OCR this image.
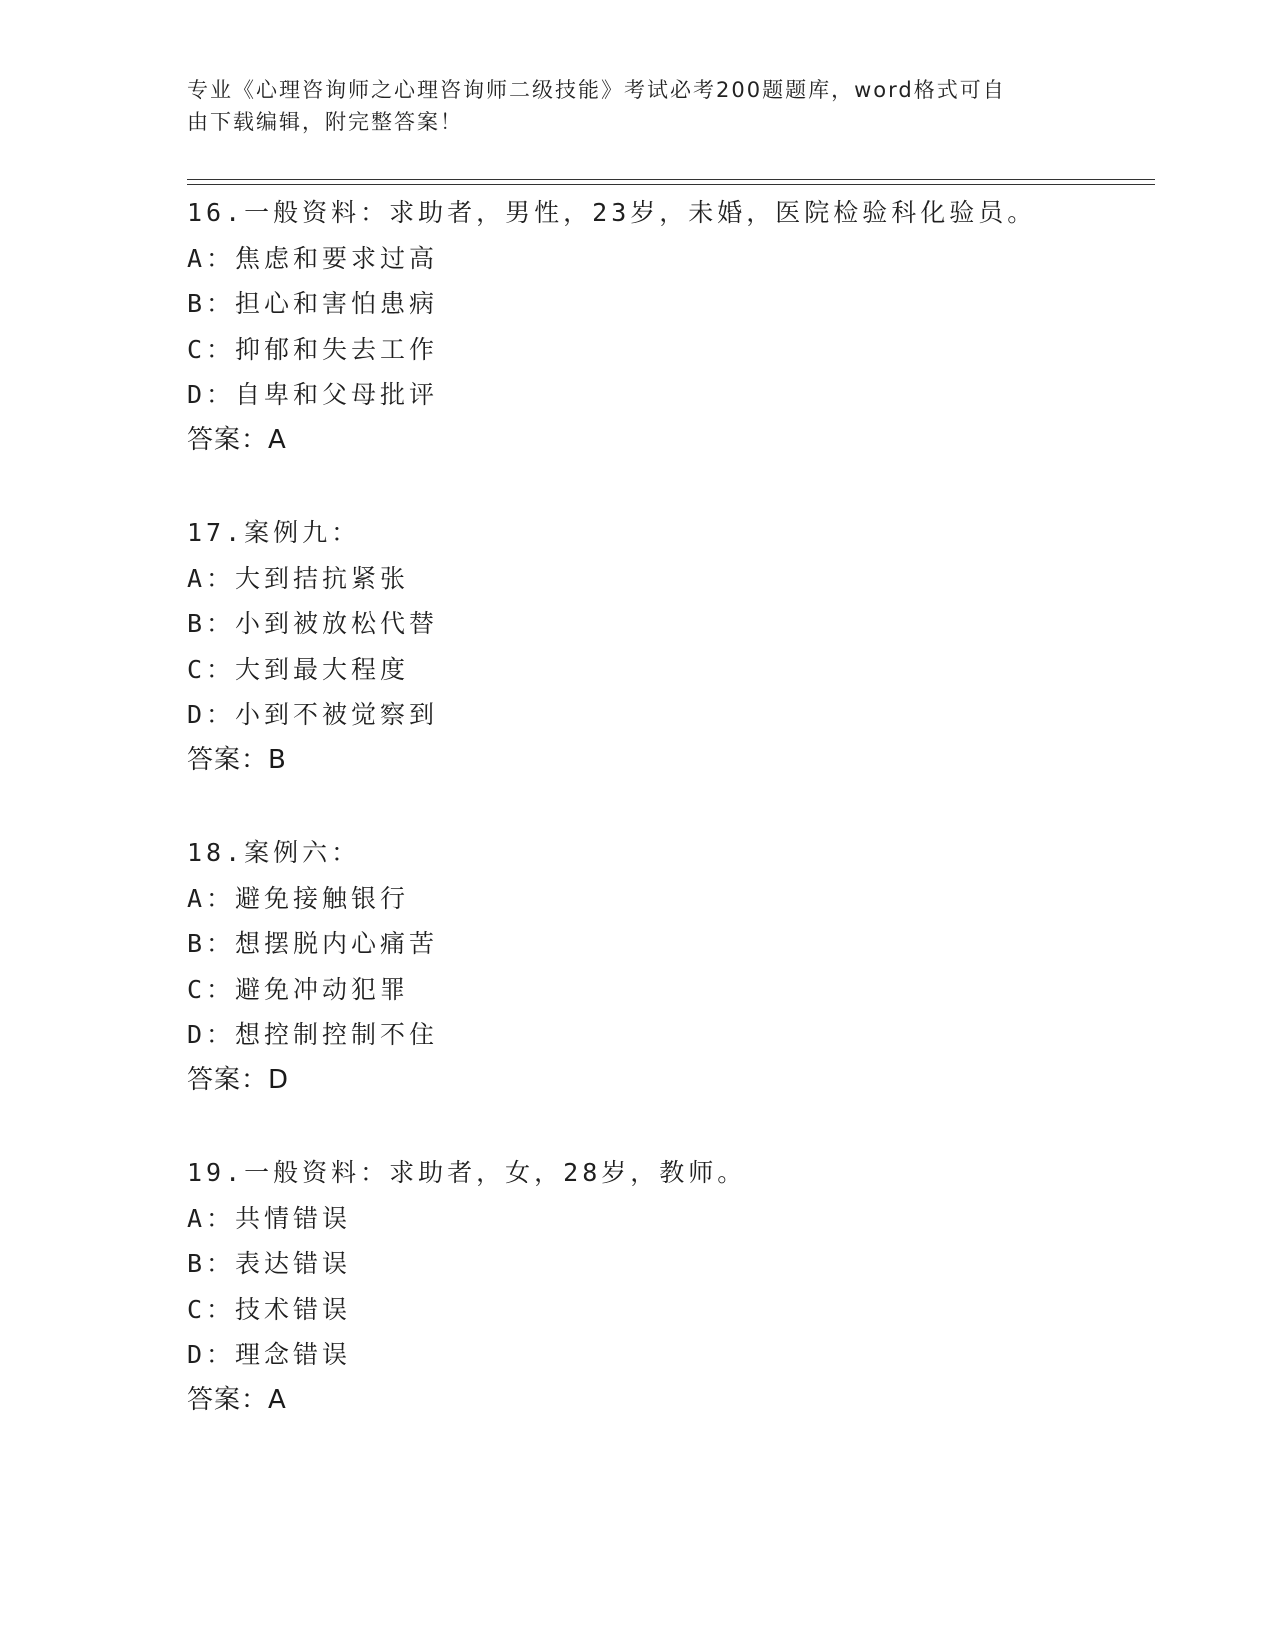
专业《心理咨询师之心理咨询师二级技能》考试必考200题题库，word格式可自
由下载编辑，附完整答案！
16.一般资料：求助者，男性，23岁，未婚，医院检验科化验员。
A：焦虑和要求过高
B：担心和害怕患病
C：抑郁和失去工作
D：自卑和父母批评
答案：A
17.案例九：
A：大到拮抗紧张
B：小到被放松代替
C：大到最大程度
D：小到不被觉察到
答案：B
18.案例六：
A：避免接触银行
B：想摆脱内心痛苦
C：避免冲动犯罪
D：想控制控制不住
答案：D
19.一般资料：求助者，女，28岁，教师。
A：共情错误
B：表达错误
C：技术错误
D：理念错误
答案：A
